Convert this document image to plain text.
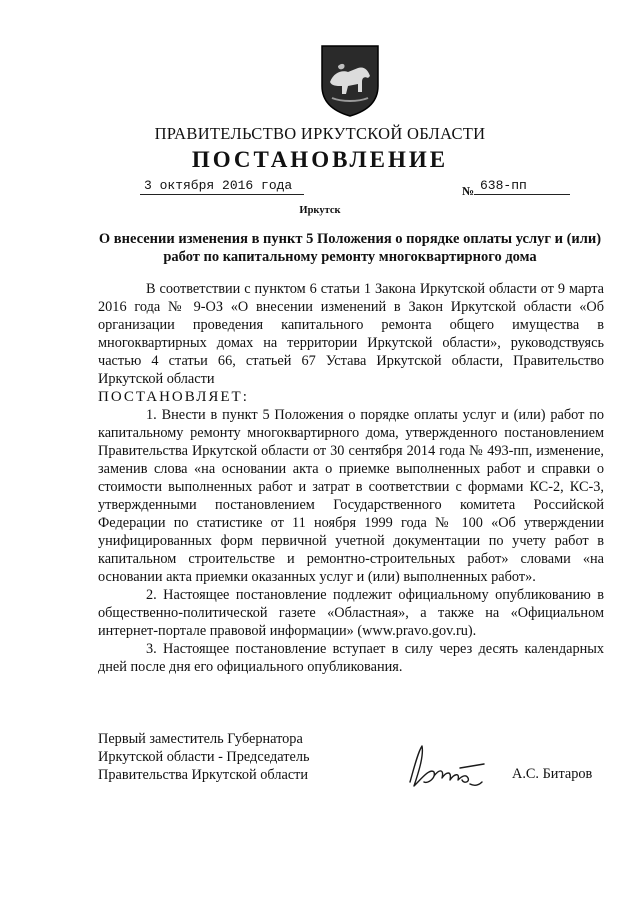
ПРАВИТЕЛЬСТВО ИРКУТСКОЙ ОБЛАСТИ
ПОСТАНОВЛЕНИЕ
3 октября 2016 года	№ 638-пп
Иркутск
О внесении изменения в пункт 5 Положения о порядке оплаты услуг и (или) работ по капитальному ремонту многоквартирного дома

В соответствии с пунктом 6 статьи 1 Закона Иркутской области от 9 марта 2016 года № 9-ОЗ «О внесении изменений в Закон Иркутской области «Об организации проведения капитального ремонта общего имущества в многоквартирных домах на территории Иркутской области», руководствуясь частью 4 статьи 66, статьей 67 Устава Иркутской области, Правительство Иркутской области

ПОСТАНОВЛЯЕТ:

1. Внести в пункт 5 Положения о порядке оплаты услуг и (или) работ по капитальному ремонту многоквартирного дома, утвержденного постановлением Правительства Иркутской области от 30 сентября 2014 года № 493-пп, изменение, заменив слова «на основании акта о приемке выполненных работ и справки о стоимости выполненных работ и затрат в соответствии с формами КС-2, КС-3, утвержденными постановлением Государственного комитета Российской Федерации по статистике от 11 ноября 1999 года № 100 «Об утверждении унифицированных форм первичной учетной документации по учету работ в капитальном строительстве и ремонтно-строительных работ» словами «на основании акта приемки оказанных услуг и (или) выполненных работ».

2. Настоящее постановление подлежит официальному опубликованию в общественно-политической газете «Областная», а также на «Официальном интернет-портале правовой информации» (www.pravo.gov.ru).

3. Настоящее постановление вступает в силу через десять календарных дней после дня его официального опубликования.

Первый заместитель Губернатора
Иркутской области - Председатель
Правительства Иркутской области	А.С. Битаров
